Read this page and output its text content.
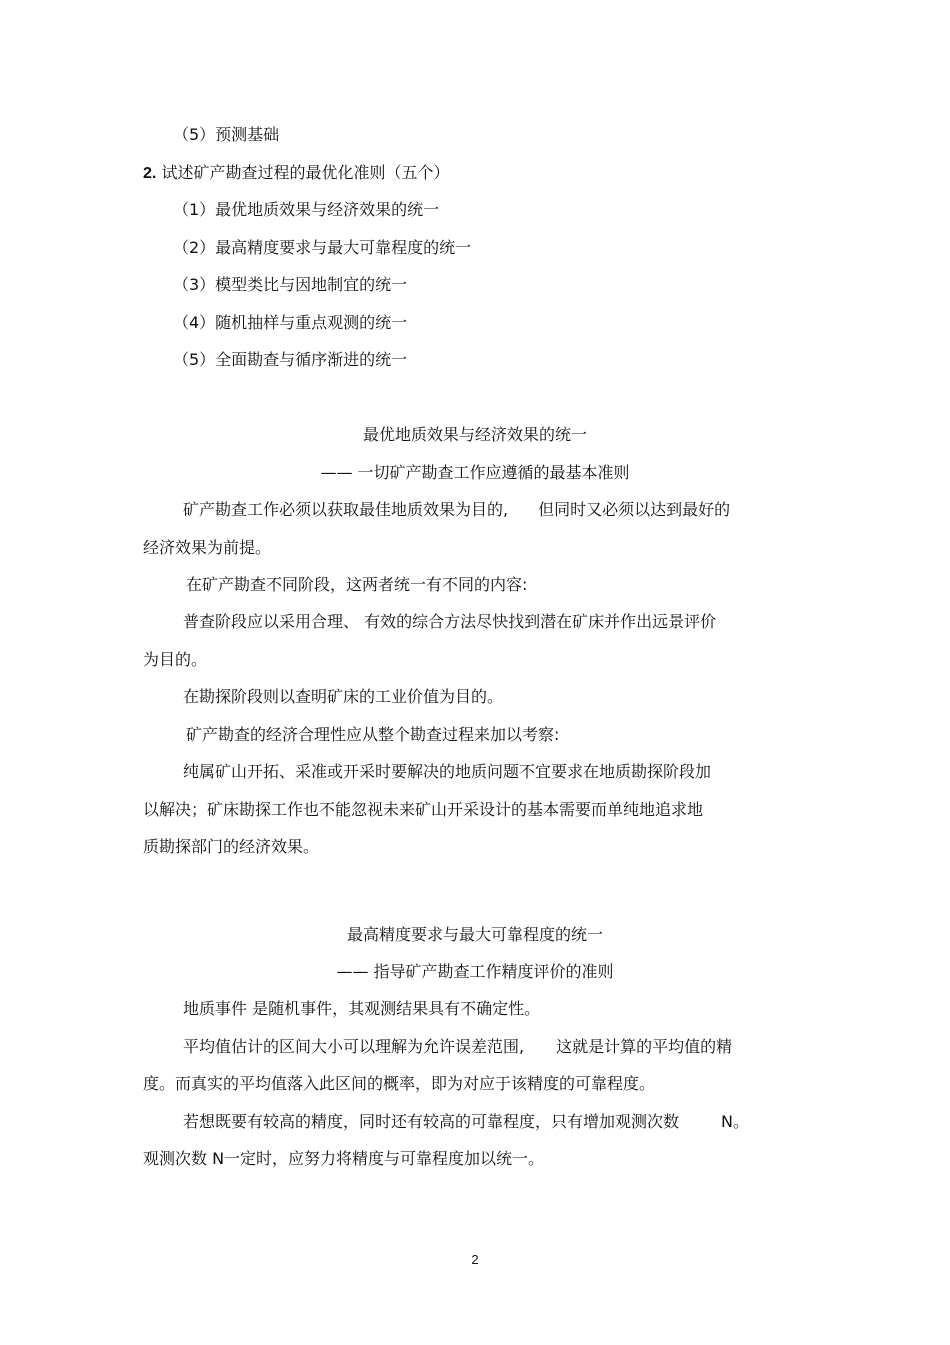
（5）预测基础
2. 试述矿产勘查过程的最优化准则（五个）
（1）最优地质效果与经济效果的统一
（2）最高精度要求与最大可靠程度的统一
（3）模型类比与因地制宜的统一
（4）随机抽样与重点观测的统一
（5）全面勘查与循序渐进的统一
最优地质效果与经济效果的统一
—— 一切矿产勘查工作应遵循的最基本准则
矿产勘查工作必须以获取最佳地质效果为目的, 但同时又必须以达到最好的
经济效果为前提。
在矿产勘查不同阶段，这两者统一有不同的内容:
普查阶段应以采用合理、 有效的综合方法尽快找到潜在矿床并作出远景评价
为目的。
在勘探阶段则以查明矿床的工业价值为目的。
矿产勘查的经济合理性应从整个勘查过程来加以考察:
纯属矿山开拓、采准或开采时要解决的地质问题不宜要求在地质勘探阶段加
以解决；矿床勘探工作也不能忽视未来矿山开采设计的基本需要而单纯地追求地
质勘探部门的经济效果。
最高精度要求与最大可靠程度的统一
—— 指导矿产勘查工作精度评价的准则
地质事件 是随机事件，其观测结果具有不确定性。
平均值估计的区间大小可以理解为允许误差范围, 这就是计算的平均值的精
度。而真实的平均值落入此区间的概率，即为对应于该精度的可靠程度。
若想既要有较高的精度，同时还有较高的可靠程度，只有增加观测次数	N。
观测次数 N一定时，应努力将精度与可靠程度加以统一。
2
